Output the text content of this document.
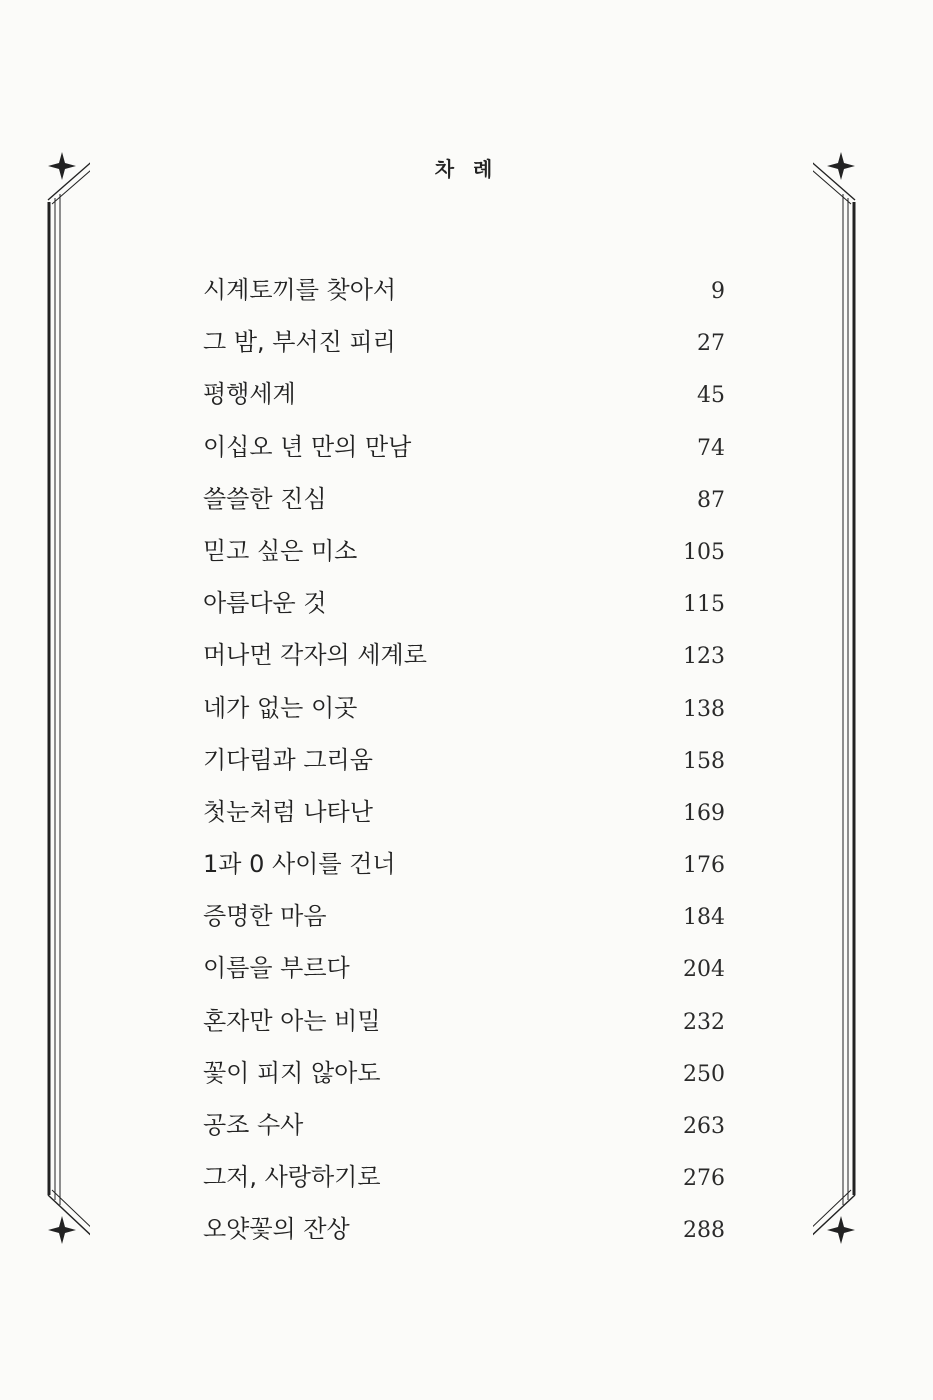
차 례
시계토끼를 찾아서	9
그 밤, 부서진 피리	27
평행세계	45
이십오 년 만의 만남	74
쓸쓸한 진심	87
믿고 싶은 미소	105
아름다운 것	115
머나먼 각자의 세계로	123
네가 없는 이곳	138
기다림과 그리움	158
첫눈처럼 나타난	169
1과 0 사이를 건너	176
증명한 마음	184
이름을 부르다	204
혼자만 아는 비밀	232
꽃이 피지 않아도	250
공조 수사	263
그저, 사랑하기로	276
오얏꽃의 잔상	288
